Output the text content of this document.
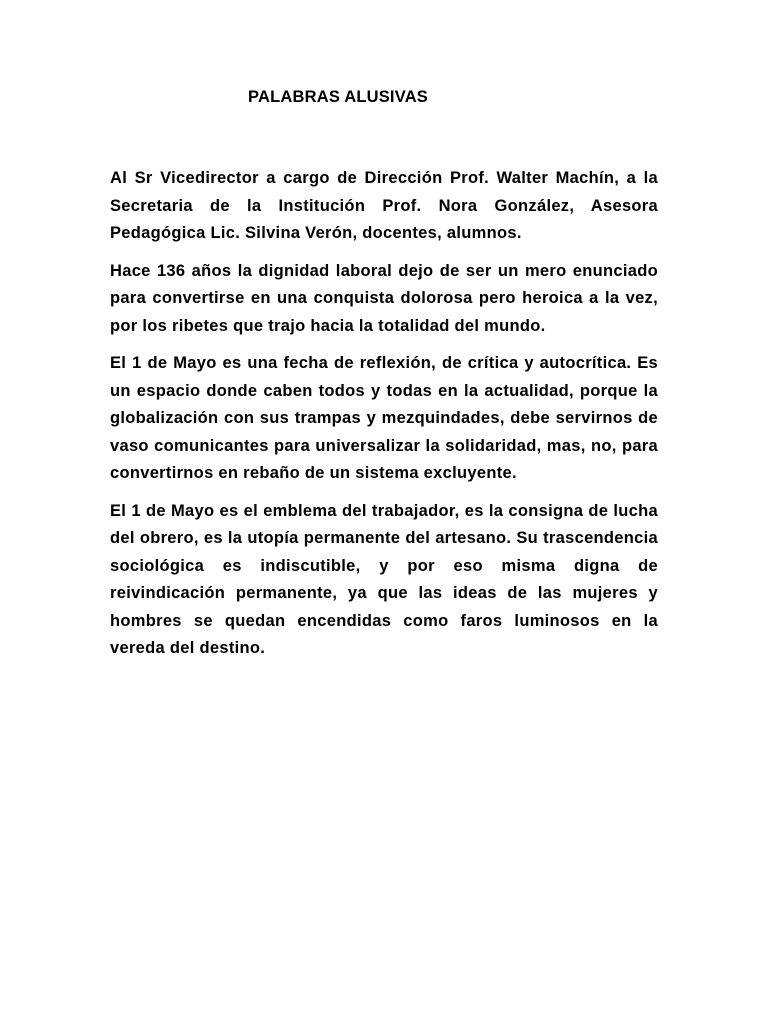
PALABRAS ALUSIVAS

Al Sr Vicedirector a cargo de Dirección Prof. Walter Machín, a la Secretaria de la Institución Prof. Nora González, Asesora Pedagógica Lic. Silvina Verón, docentes, alumnos.

Hace 136 años la dignidad laboral dejo de ser un mero enunciado para convertirse en una conquista dolorosa pero heroica a la vez, por los ribetes que trajo hacia la totalidad del mundo.

El 1 de Mayo es una fecha de reflexión, de crítica y autocrítica. Es un espacio donde caben todos y todas en la actualidad, porque la globalización con sus trampas y mezquindades, debe servirnos de vaso comunicantes para universalizar la solidaridad, mas, no, para convertirnos en rebaño de un sistema excluyente.

El 1 de Mayo es el emblema del trabajador, es la consigna de lucha del obrero, es la utopía permanente del artesano. Su trascendencia sociológica es indiscutible, y por eso misma digna de reivindicación permanente, ya que las ideas de las mujeres y hombres se quedan encendidas como faros luminosos en la vereda del destino.
